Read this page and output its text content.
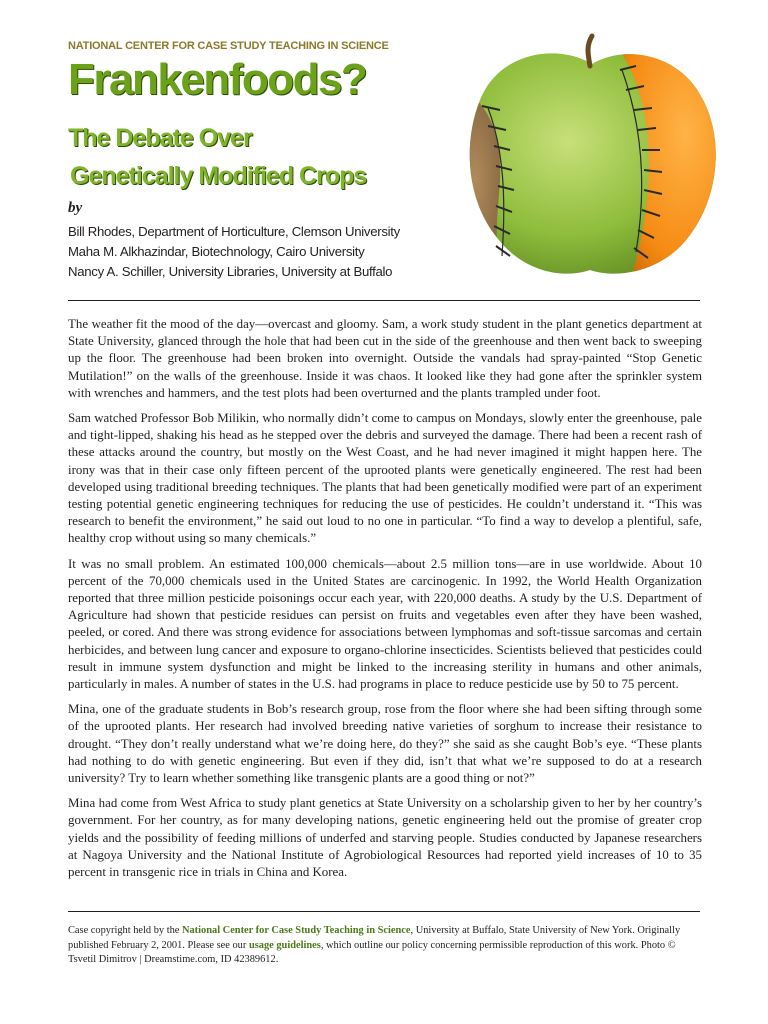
NATIONAL CENTER FOR CASE STUDY TEACHING IN SCIENCE
Frankenfoods?
The Debate Over
Genetically Modified Crops
by
Bill Rhodes, Department of Horticulture, Clemson University
Maha M. Alkhazindar, Biotechnology, Cairo University
Nancy A. Schiller, University Libraries, University at Buffalo

The weather fit the mood of the day—overcast and gloomy. Sam, a work study student in the plant genetics department at State University, glanced through the hole that had been cut in the side of the greenhouse and then went back to sweeping up the floor. The greenhouse had been broken into overnight. Outside the vandals had spray-painted “Stop Genetic Mutilation!” on the walls of the greenhouse. Inside it was chaos. It looked like they had gone after the sprinkler system with wrenches and hammers, and the test plots had been overturned and the plants trampled under foot.

Sam watched Professor Bob Milikin, who normally didn’t come to campus on Mondays, slowly enter the greenhouse, pale and tight-lipped, shaking his head as he stepped over the debris and surveyed the damage. There had been a recent rash of these attacks around the country, but mostly on the West Coast, and he had never imagined it might happen here. The irony was that in their case only fifteen percent of the uprooted plants were genetically engineered. The rest had been developed using traditional breeding techniques. The plants that had been genetically modified were part of an experiment testing potential genetic engineering techniques for reducing the use of pesticides. He couldn’t understand it. “This was research to benefit the environment,” he said out loud to no one in particular. “To find a way to develop a plentiful, safe, healthy crop without using so many chemicals.”

It was no small problem. An estimated 100,000 chemicals—about 2.5 million tons—are in use worldwide. About 10 percent of the 70,000 chemicals used in the United States are carcinogenic. In 1992, the World Health Organization reported that three million pesticide poisonings occur each year, with 220,000 deaths. A study by the U.S. Department of Agriculture had shown that pesticide residues can persist on fruits and vegetables even after they have been washed, peeled, or cored. And there was strong evidence for associations between lymphomas and soft-tissue sarcomas and certain herbicides, and between lung cancer and exposure to organo-chlorine insecticides. Scientists believed that pesticides could result in immune system dysfunction and might be linked to the increasing sterility in humans and other animals, particularly in males. A number of states in the U.S. had programs in place to reduce pesticide use by 50 to 75 percent.

Mina, one of the graduate students in Bob’s research group, rose from the floor where she had been sifting through some of the uprooted plants. Her research had involved breeding native varieties of sorghum to increase their resistance to drought. “They don’t really understand what we’re doing here, do they?” she said as she caught Bob’s eye. “These plants had nothing to do with genetic engineering. But even if they did, isn’t that what we’re supposed to do at a research university? Try to learn whether something like transgenic plants are a good thing or not?”

Mina had come from West Africa to study plant genetics at State University on a scholarship given to her by her country’s government. For her country, as for many developing nations, genetic engineering held out the promise of greater crop yields and the possibility of feeding millions of underfed and starving people. Studies conducted by Japanese researchers at Nagoya University and the National Institute of Agrobiological Resources had reported yield increases of 10 to 35 percent in transgenic rice in trials in China and Korea.

Case copyright held by the National Center for Case Study Teaching in Science, University at Buffalo, State University of New York. Originally published February 2, 2001. Please see our usage guidelines, which outline our policy concerning permissible reproduction of this work. Photo © Tsvetil Dimitrov | Dreamstime.com, ID 42389612.
